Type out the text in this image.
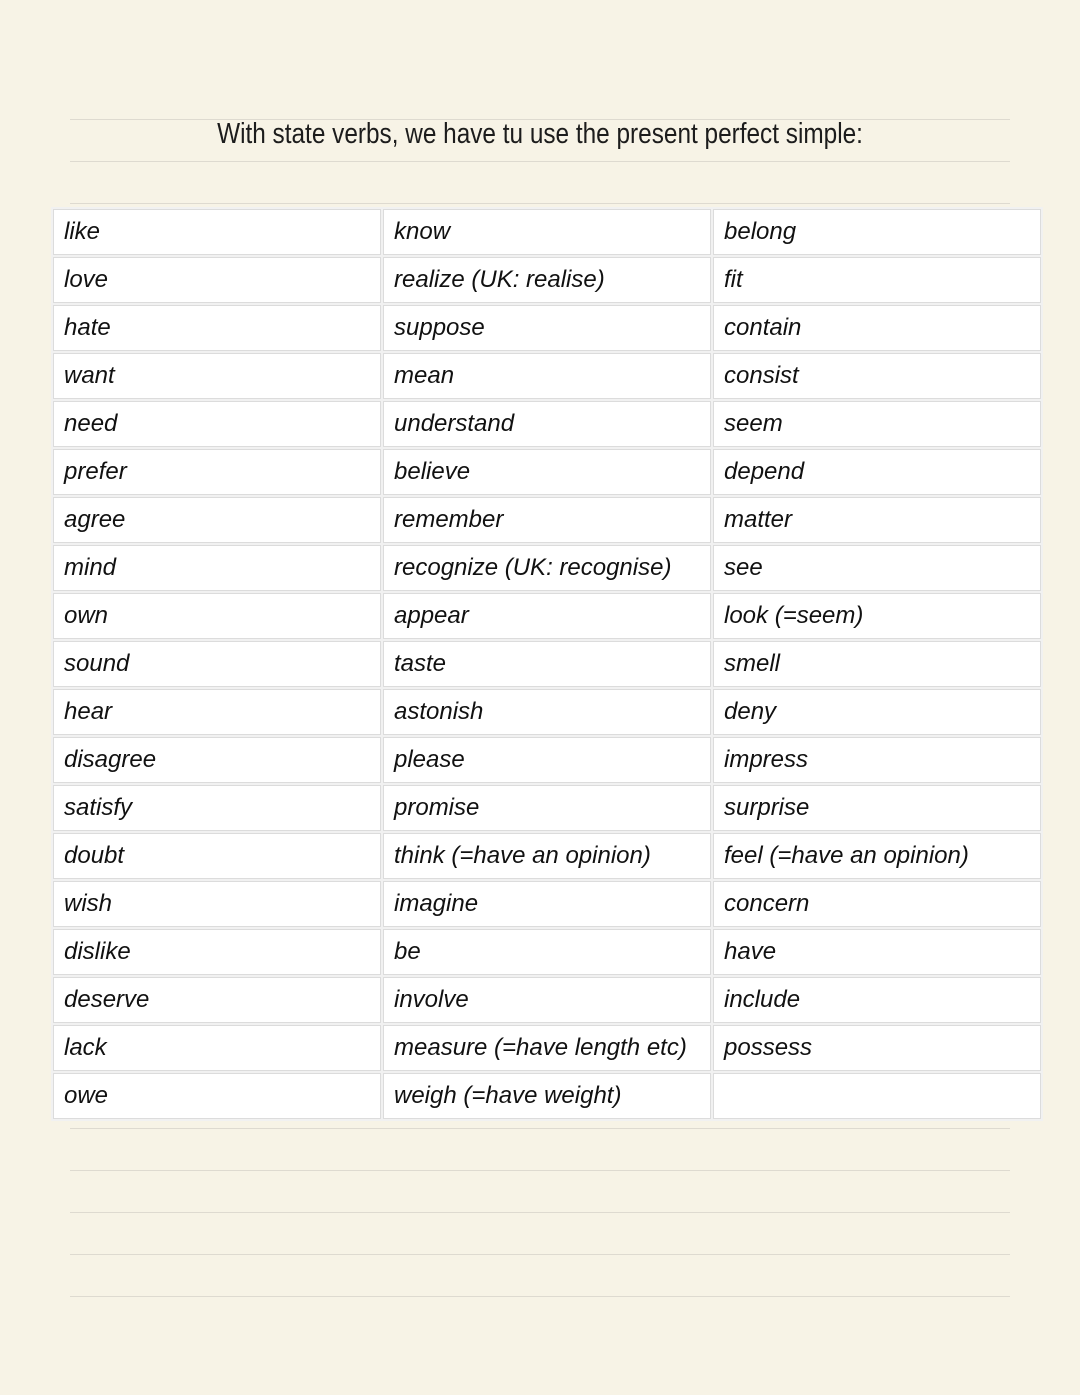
With state verbs, we have tu use the present perfect simple:
like	know	belong
love	realize (UK: realise)	fit
hate	suppose	contain
want	mean	consist
need	understand	seem
prefer	believe	depend
agree	remember	matter
mind	recognize (UK: recognise)	see
own	appear	look (=seem)
sound	taste	smell
hear	astonish	deny
disagree	please	impress
satisfy	promise	surprise
doubt	think (=have an opinion)	feel (=have an opinion)
wish	imagine	concern
dislike	be	have
deserve	involve	include
lack	measure (=have length etc)	possess
owe	weigh (=have weight)	
